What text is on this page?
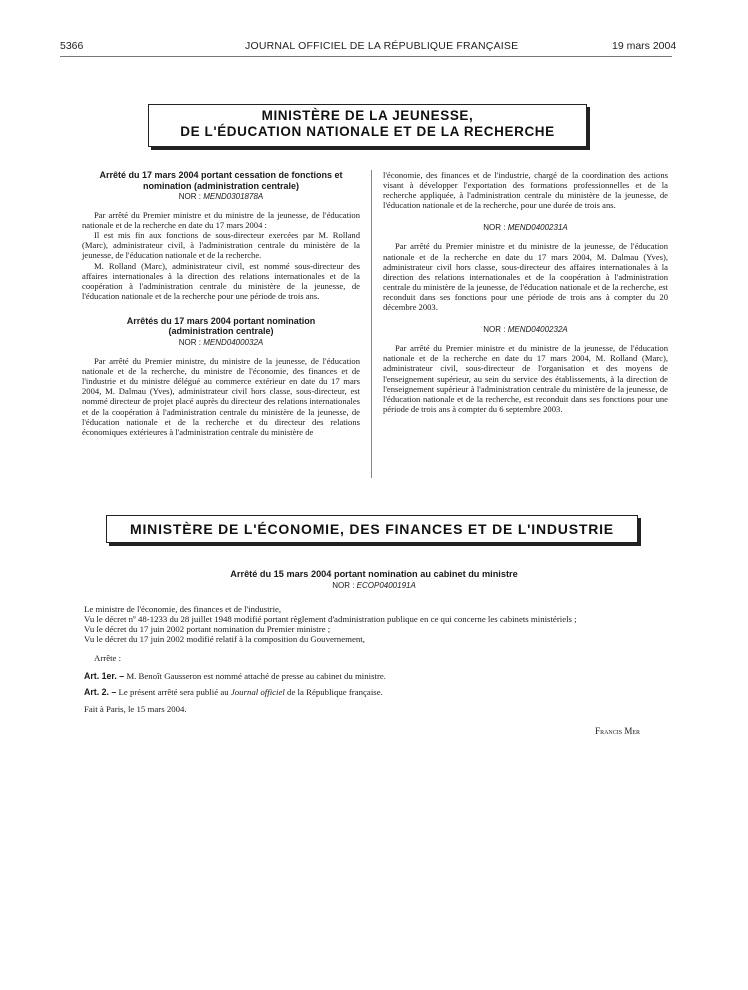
5366	JOURNAL OFFICIEL DE LA RÉPUBLIQUE FRANÇAISE	19 mars 2004
MINISTÈRE DE LA JEUNESSE,
DE L'ÉDUCATION NATIONALE ET DE LA RECHERCHE

Arrêté du 17 mars 2004 portant cessation de fonctions et nomination (administration centrale)

NOR : MEND0301878A

Par arrêté du Premier ministre et du ministre de la jeunesse, de l'éducation nationale et de la recherche en date du 17 mars 2004 :

Il est mis fin aux fonctions de sous-directeur exercées par M. Rolland (Marc), administrateur civil, à l'administration centrale du ministère de la jeunesse, de l'éducation nationale et de la recherche.

M. Rolland (Marc), administrateur civil, est nommé sous-directeur des affaires internationales à la direction des relations internationales et de la coopération à l'administration centrale du ministère de la jeunesse, de l'éducation nationale et de la recherche pour une période de trois ans.

Arrêtés du 17 mars 2004 portant nomination (administration centrale)

NOR : MEND0400032A

Par arrêté du Premier ministre, du ministre de la jeunesse, de l'éducation nationale et de la recherche, du ministre de l'économie, des finances et de l'industrie et du ministre délégué au commerce extérieur en date du 17 mars 2004, M. Dalmau (Yves), administrateur civil hors classe, sous-directeur, est nommé directeur de projet placé auprès du directeur des relations internationales et de la coopération à l'administration centrale du ministère de la jeunesse, de l'éducation nationale et de la recherche et du directeur des relations économiques extérieures à l'administration centrale du ministère de

l'économie, des finances et de l'industrie, chargé de la coordination des actions visant à développer l'exportation des formations professionnelles et de la recherche appliquée, à l'administration centrale du ministère de la jeunesse, de l'éducation nationale et de la recherche, pour une durée de trois ans.

NOR : MEND0400231A

Par arrêté du Premier ministre et du ministre de la jeunesse, de l'éducation nationale et de la recherche en date du 17 mars 2004, M. Dalmau (Yves), administrateur civil hors classe, sous-directeur des affaires internationales à la direction des relations internationales et de la coopération à l'administration centrale du ministère de la jeunesse, de l'éducation nationale et de la recherche, est reconduit dans ses fonctions pour une période de trois ans à compter du 20 décembre 2003.

NOR : MEND0400232A

Par arrêté du Premier ministre et du ministre de la jeunesse, de l'éducation nationale et de la recherche en date du 17 mars 2004, M. Rolland (Marc), administrateur civil, sous-directeur de l'organisation et des moyens de l'enseignement supérieur, au sein du service des établissements, à la direction de l'enseignement supérieur à l'administration centrale du ministère de la jeunesse, de l'éducation nationale et de la recherche, est reconduit dans ses fonctions pour une période de trois ans à compter du 6 septembre 2003.

MINISTÈRE DE L'ÉCONOMIE, DES FINANCES ET DE L'INDUSTRIE

Arrêté du 15 mars 2004 portant nomination au cabinet du ministre

NOR : ECOP0400191A

Le ministre de l'économie, des finances et de l'industrie,

Vu le décret nº 48-1233 du 28 juillet 1948 modifié portant règlement d'administration publique en ce qui concerne les cabinets ministériels ;

Vu le décret du 17 juin 2002 portant nomination du Premier ministre ;

Vu le décret du 17 juin 2002 modifié relatif à la composition du Gouvernement,

Arrête :

Art. 1er. – M. Benoît Gausseron est nommé attaché de presse au cabinet du ministre.

Art. 2. – Le présent arrêté sera publié au Journal officiel de la République française.

Fait à Paris, le 15 mars 2004.

Francis Mer
